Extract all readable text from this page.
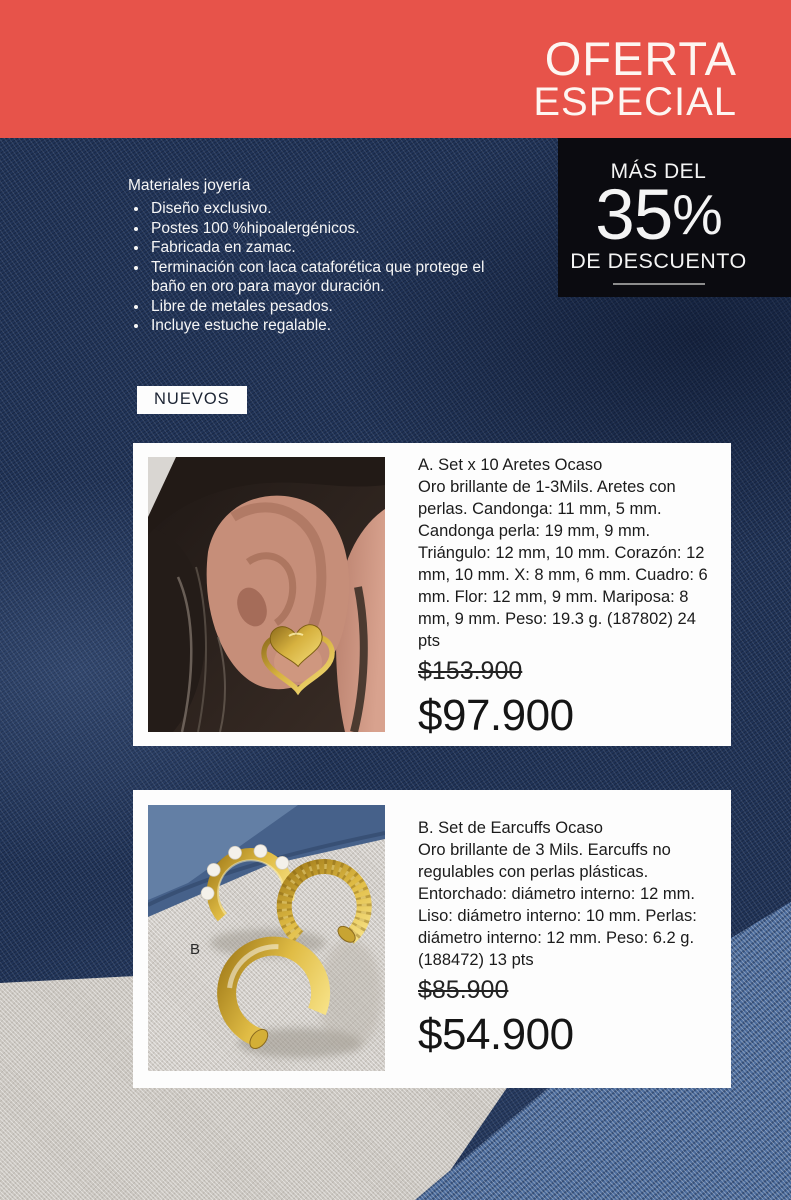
OFERTA
ESPECIAL
MÁS DEL
35%
DE DESCUENTO
Materiales joyería
• Diseño exclusivo.
• Postes 100 %hipoalergénicos.
• Fabricada en zamac.
• Terminación con laca cataforética que protege el baño en oro para mayor duración.
• Libre de metales pesados.
• Incluye estuche regalable.
NUEVOS
A. Set x 10 Aretes Ocaso
Oro brillante de 1-3Mils. Aretes con perlas. Candonga: 11 mm, 5 mm. Candonga perla: 19 mm, 9 mm. Triángulo: 12 mm, 10 mm. Corazón: 12 mm, 10 mm. X: 8 mm, 6 mm. Cuadro: 6 mm. Flor: 12 mm, 9 mm. Mariposa: 8 mm, 9 mm. Peso: 19.3 g. (187802) 24 pts
$153.900
$97.900
B
B. Set de Earcuffs Ocaso
Oro brillante de 3 Mils. Earcuffs no regulables con perlas plásticas. Entorchado: diámetro interno: 12 mm. Liso: diámetro interno: 10 mm. Perlas: diámetro interno: 12 mm. Peso: 6.2 g. (188472) 13 pts
$85.900
$54.900
